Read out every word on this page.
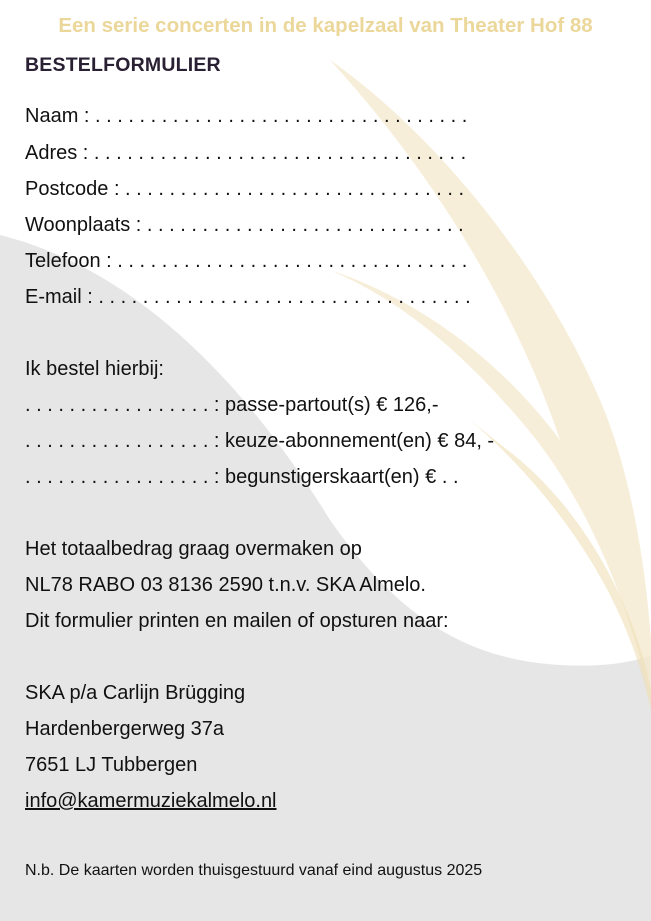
Een serie concerten in de kapelzaal van Theater Hof 88
BESTELFORMULIER
Naam : . . . . . . . . . . . . . . . . . . . . . . . . . . . . . . . . . .
Adres : . . . . . . . . . . . . . . . . . . . . . . . . . . . . . . . . . .
Postcode : . . . . . . . . . . . . . . . . . . . . . . . . . . . . . . .
Woonplaats : . . . . . . . . . . . . . . . . . . . . . . . . . . . . .
Telefoon : . . . . . . . . . . . . . . . . . . . . . . . . . . . . . . . .
E-mail : . . . . . . . . . . . . . . . . . . . . . . . . . . . . . . . . . .
Ik bestel hierbij:
. . . . . . . . . . . . . . . . . : passe-partout(s) € 126,-
. . . . . . . . . . . . . . . . . : keuze-abonnement(en) € 84, -
. . . . . . . . . . . . . . . . . : begunstigerskaart(en) € . .
Het totaalbedrag graag overmaken op
NL78 RABO 03 8136 2590 t.n.v. SKA Almelo.
Dit formulier printen en mailen of opsturen naar:
SKA p/a Carlijn Brügging
Hardenbergerweg 37a
7651 LJ Tubbergen
info@kamermuziekalmelo.nl
N.b. De kaarten worden thuisgestuurd vanaf eind augustus 2025
